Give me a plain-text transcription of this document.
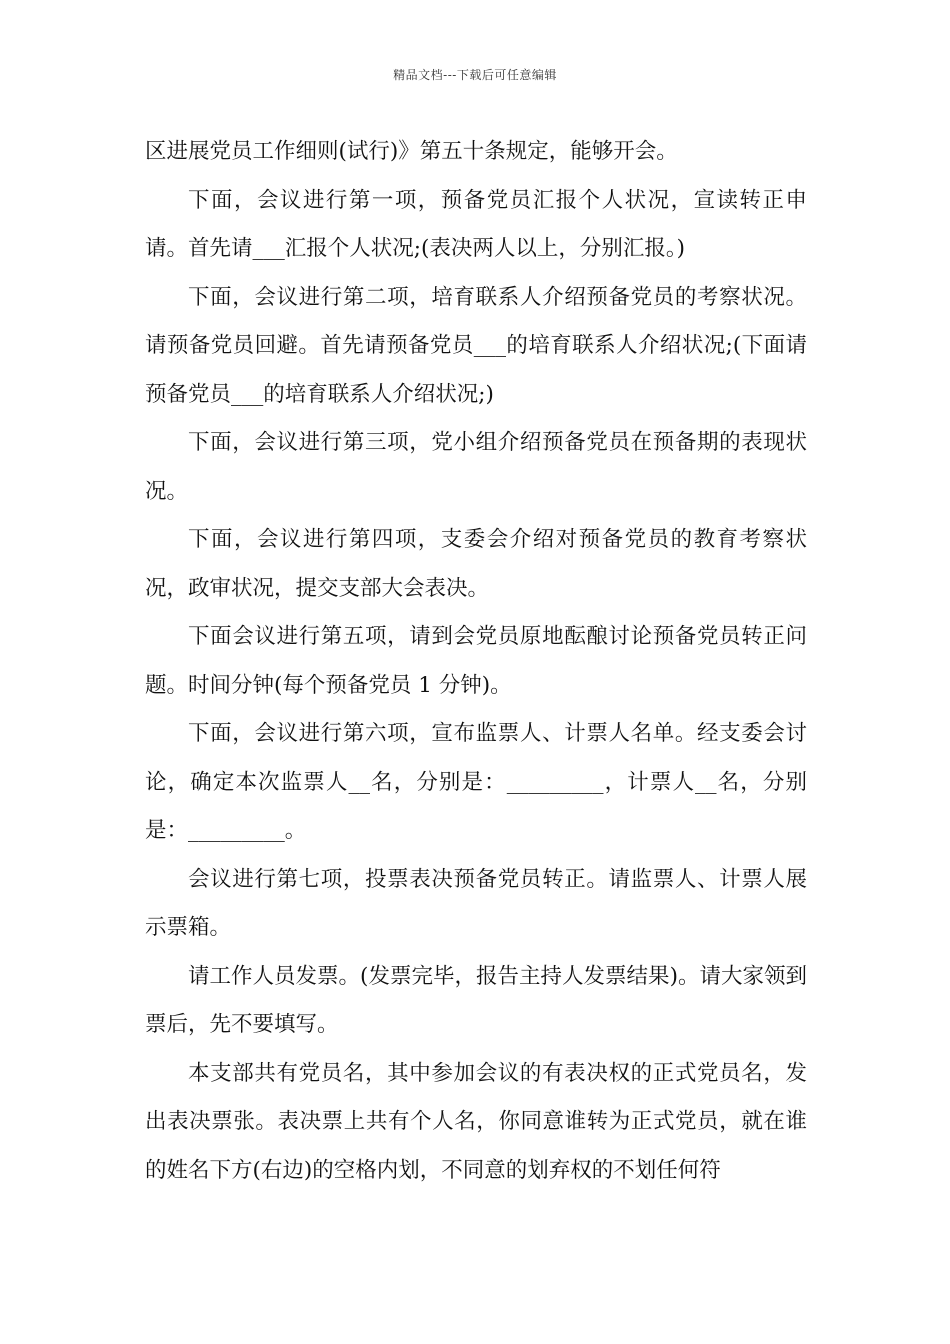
精品文档---下载后可任意编辑

区进展党员工作细则(试行)》第五十条规定，能够开会。

下面，会议进行第一项，预备党员汇报个人状况，宣读转正申请。首先请___汇报个人状况;(表决两人以上，分别汇报。)

下面，会议进行第二项，培育联系人介绍预备党员的考察状况。请预备党员回避。首先请预备党员___的培育联系人介绍状况;(下面请预备党员___的培育联系人介绍状况;)

下面，会议进行第三项，党小组介绍预备党员在预备期的表现状况。

下面，会议进行第四项，支委会介绍对预备党员的教育考察状况，政审状况，提交支部大会表决。

下面会议进行第五项，请到会党员原地酝酿讨论预备党员转正问题。时间分钟(每个预备党员 1 分钟)。

下面，会议进行第六项，宣布监票人、计票人名单。经支委会讨论，确定本次监票人__名，分别是：_________，计票人__名，分别是：_________。

会议进行第七项，投票表决预备党员转正。请监票人、计票人展示票箱。

请工作人员发票。(发票完毕，报告主持人发票结果)。请大家领到票后，先不要填写。

本支部共有党员名，其中参加会议的有表决权的正式党员名，发出表决票张。表决票上共有个人名，你同意谁转为正式党员，就在谁的姓名下方(右边)的空格内划，不同意的划弃权的不划任何符
